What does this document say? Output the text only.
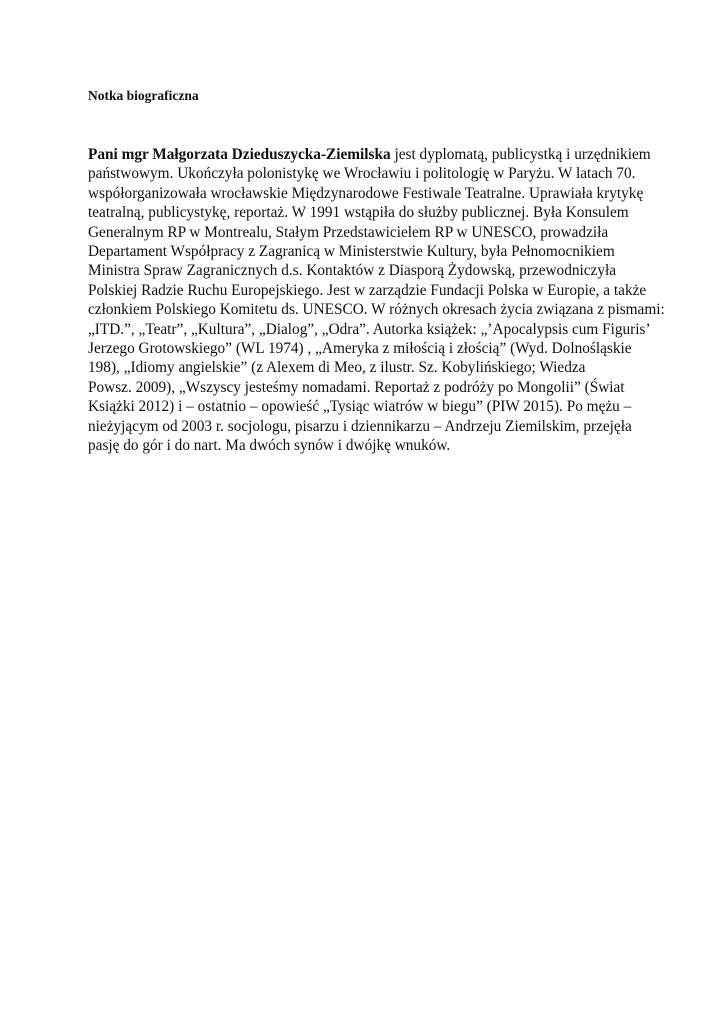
Notka biograficzna
Pani mgr Małgorzata Dzieduszycka-Ziemilska jest dyplomatą, publicystką i urzędnikiem
państwowym. Ukończyła polonistykę we Wrocławiu i politologię w Paryżu. W latach 70.
współorganizowała wrocławskie Międzynarodowe Festiwale Teatralne. Uprawiała krytykę
teatralną, publicystykę, reportaż. W 1991 wstąpiła do służby publicznej. Była Konsulem
Generalnym RP w Montrealu, Stałym Przedstawicielem RP w UNESCO, prowadziła
Departament Współpracy z Zagranicą w Ministerstwie Kultury, była Pełnomocnikiem
Ministra Spraw Zagranicznych d.s. Kontaktów z Diasporą Żydowską, przewodniczyła
Polskiej Radzie Ruchu Europejskiego. Jest w zarządzie Fundacji Polska w Europie, a także
członkiem Polskiego Komitetu ds. UNESCO. W różnych okresach życia związana z pismami:
„ITD.”, „Teatr”, „Kultura”, „Dialog”, „Odra”. Autorka książek: „’Apocalypsis cum Figuris’
Jerzego Grotowskiego” (WL 1974) , „Ameryka z miłością i złością” (Wyd. Dolnośląskie
198), „Idiomy angielskie” (z Alexem di Meo, z ilustr. Sz. Kobylińskiego; Wiedza
Powsz. 2009), „Wszyscy jesteśmy nomadami. Reportaż z podróży po Mongolii” (Świat
Książki 2012) i – ostatnio – opowieść „Tysiąc wiatrów w biegu” (PIW 2015). Po mężu –
nieżyjącym od 2003 r. socjologu, pisarzu i dziennikarzu – Andrzeju Ziemilskim, przejęła
pasję do gór i do nart. Ma dwóch synów i dwójkę wnuków.
